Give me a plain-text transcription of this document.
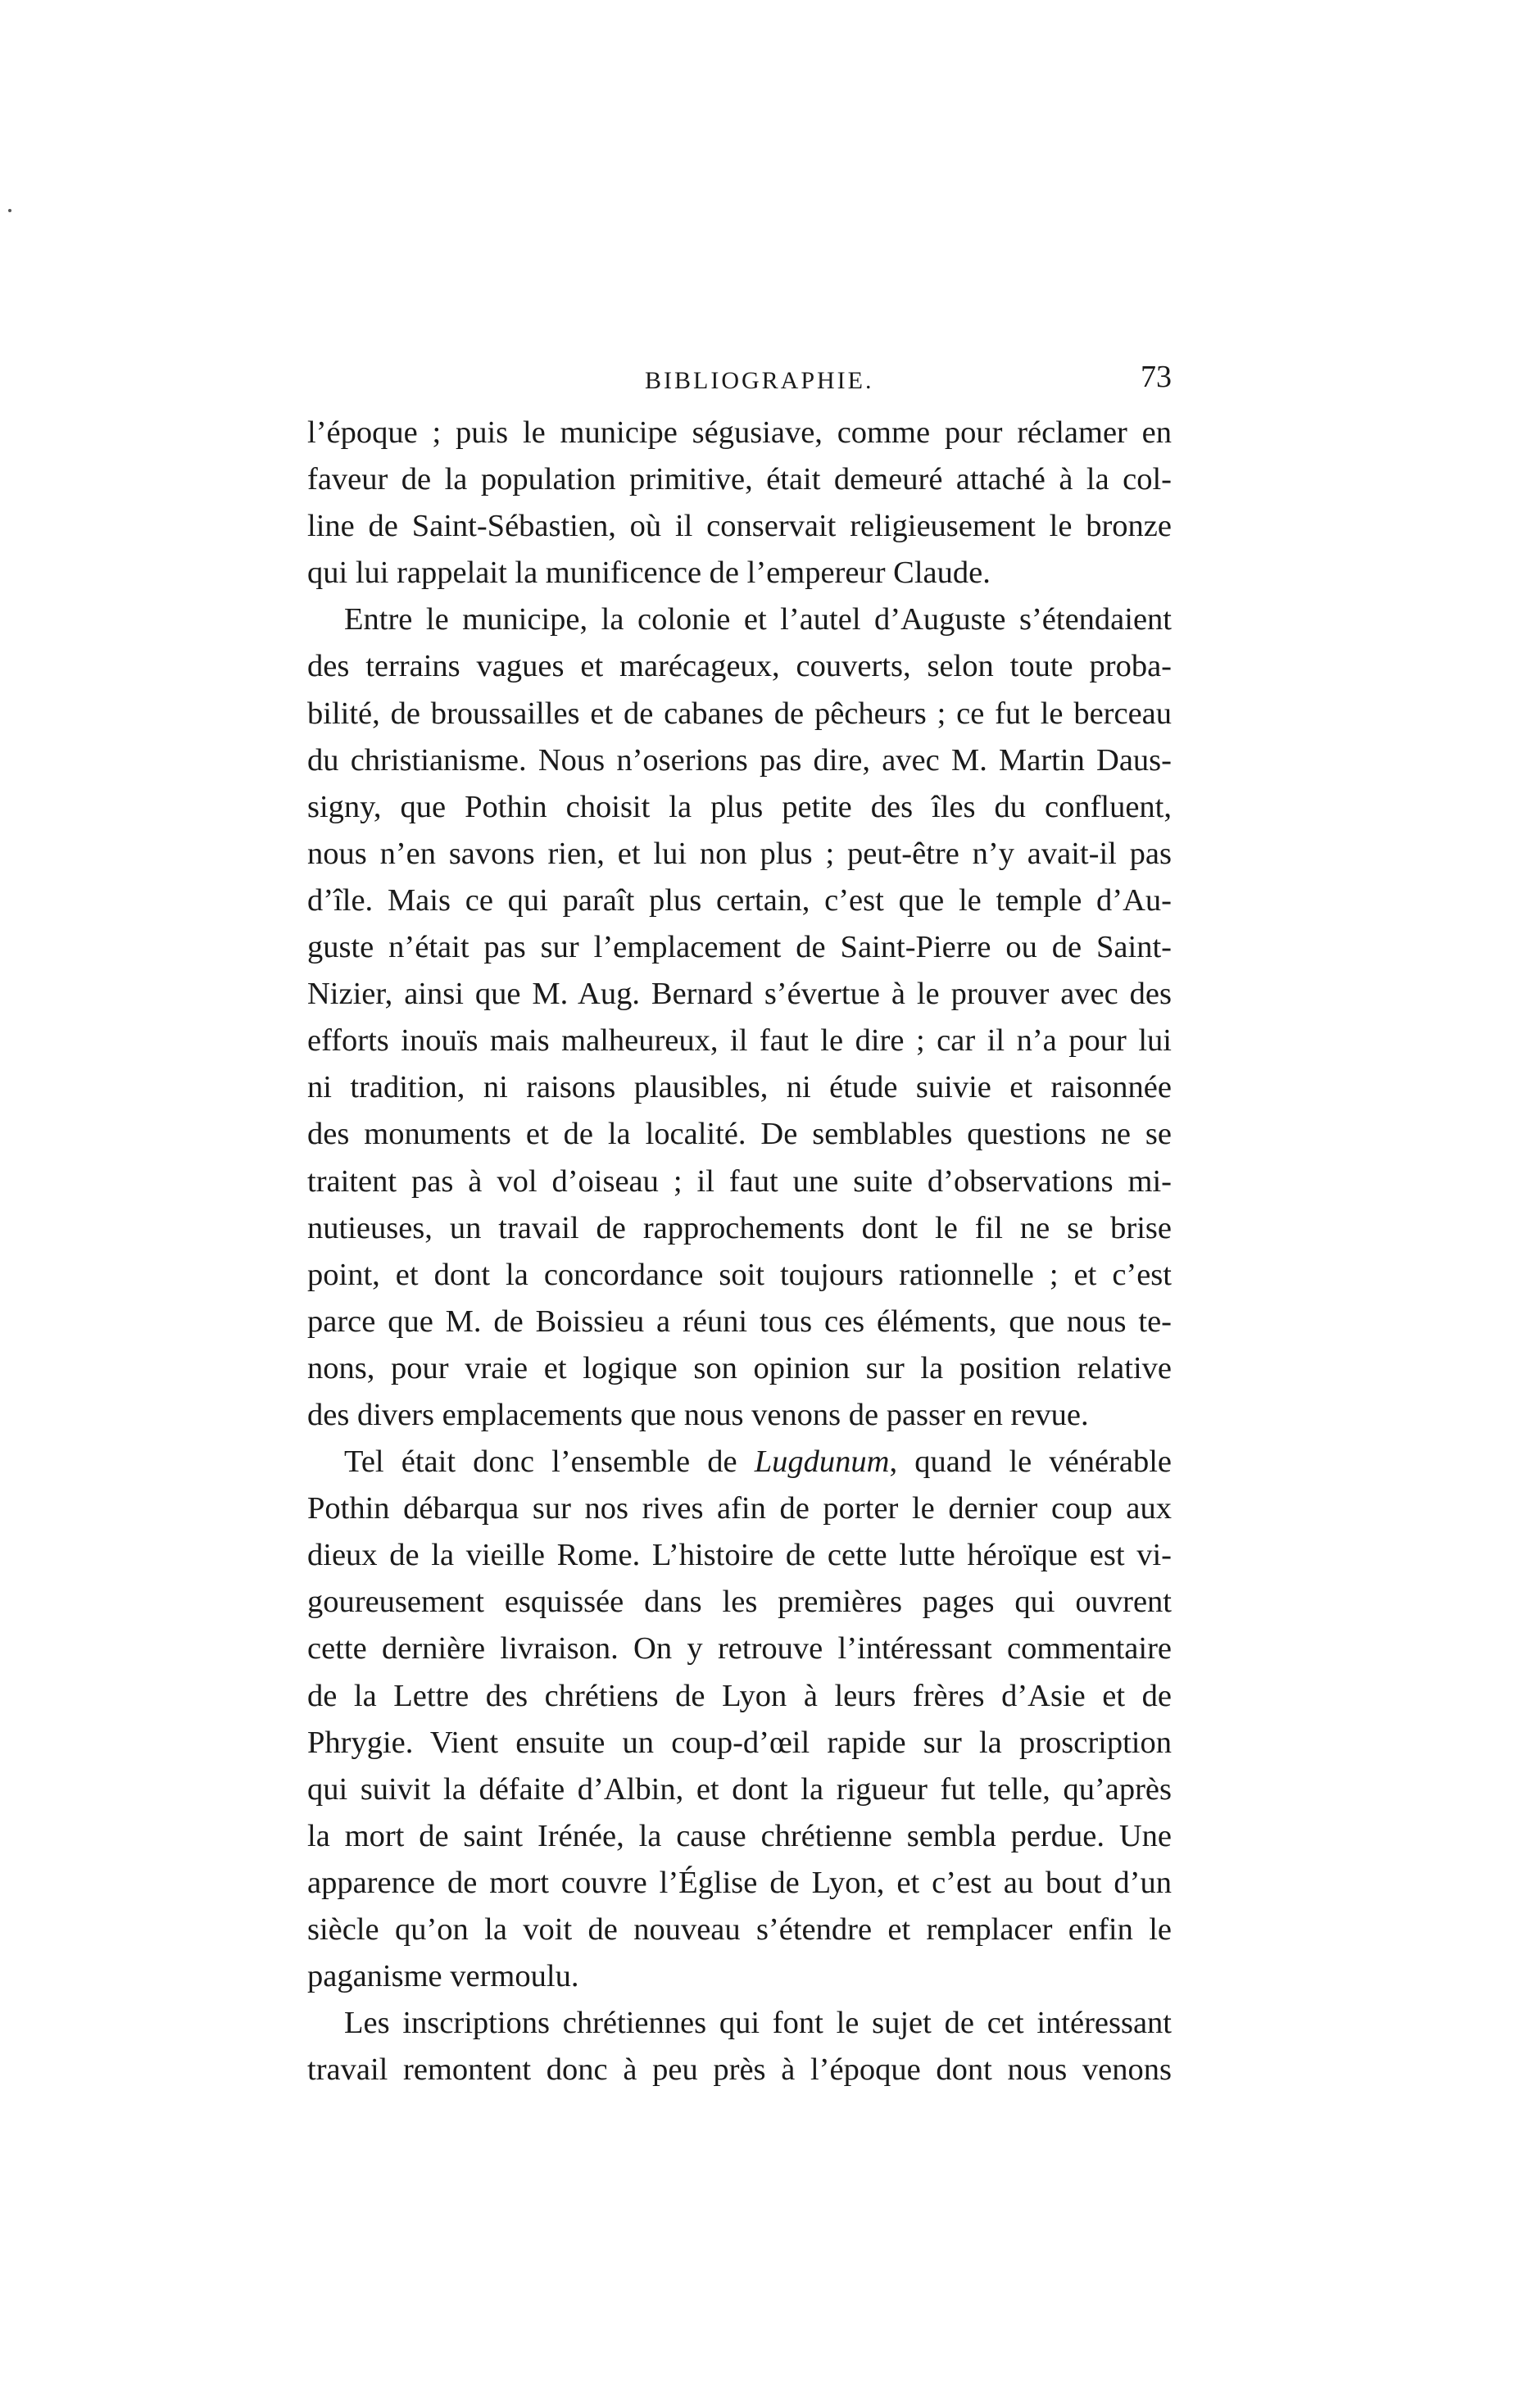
BIBLIOGRAPHIE.	73
l’époque ; puis le municipe ségusiave, comme pour réclamer en
faveur de la population primitive, était demeuré attaché à la col-
line de Saint-Sébastien, où il conservait religieusement le bronze
qui lui rappelait la munificence de l’empereur Claude.
Entre le municipe, la colonie et l’autel d’Auguste s’étendaient
des terrains vagues et marécageux, couverts, selon toute proba-
bilité, de broussailles et de cabanes de pêcheurs ; ce fut le berceau
du christianisme. Nous n’oserions pas dire, avec M. Martin Daus-
signy, que Pothin choisit la plus petite des îles du confluent,
nous n’en savons rien, et lui non plus ; peut-être n’y avait-il pas
d’île. Mais ce qui paraît plus certain, c’est que le temple d’Au-
guste n’était pas sur l’emplacement de Saint-Pierre ou de Saint-
Nizier, ainsi que M. Aug. Bernard s’évertue à le prouver avec des
efforts inouïs mais malheureux, il faut le dire ; car il n’a pour lui
ni tradition, ni raisons plausibles, ni étude suivie et raisonnée
des monuments et de la localité. De semblables questions ne se
traitent pas à vol d’oiseau ; il faut une suite d’observations mi-
nutieuses, un travail de rapprochements dont le fil ne se brise
point, et dont la concordance soit toujours rationnelle ; et c’est
parce que M. de Boissieu a réuni tous ces éléments, que nous te-
nons, pour vraie et logique son opinion sur la position relative
des divers emplacements que nous venons de passer en revue.
Tel était donc l’ensemble de Lugdunum, quand le vénérable
Pothin débarqua sur nos rives afin de porter le dernier coup aux
dieux de la vieille Rome. L’histoire de cette lutte héroïque est vi-
goureusement esquissée dans les premières pages qui ouvrent
cette dernière livraison. On y retrouve l’intéressant commentaire
de la Lettre des chrétiens de Lyon à leurs frères d’Asie et de
Phrygie. Vient ensuite un coup-d’œil rapide sur la proscription
qui suivit la défaite d’Albin, et dont la rigueur fut telle, qu’après
la mort de saint Irénée, la cause chrétienne sembla perdue. Une
apparence de mort couvre l’Église de Lyon, et c’est au bout d’un
siècle qu’on la voit de nouveau s’étendre et remplacer enfin le
paganisme vermoulu.
Les inscriptions chrétiennes qui font le sujet de cet intéressant
travail remontent donc à peu près à l’époque dont nous venons
